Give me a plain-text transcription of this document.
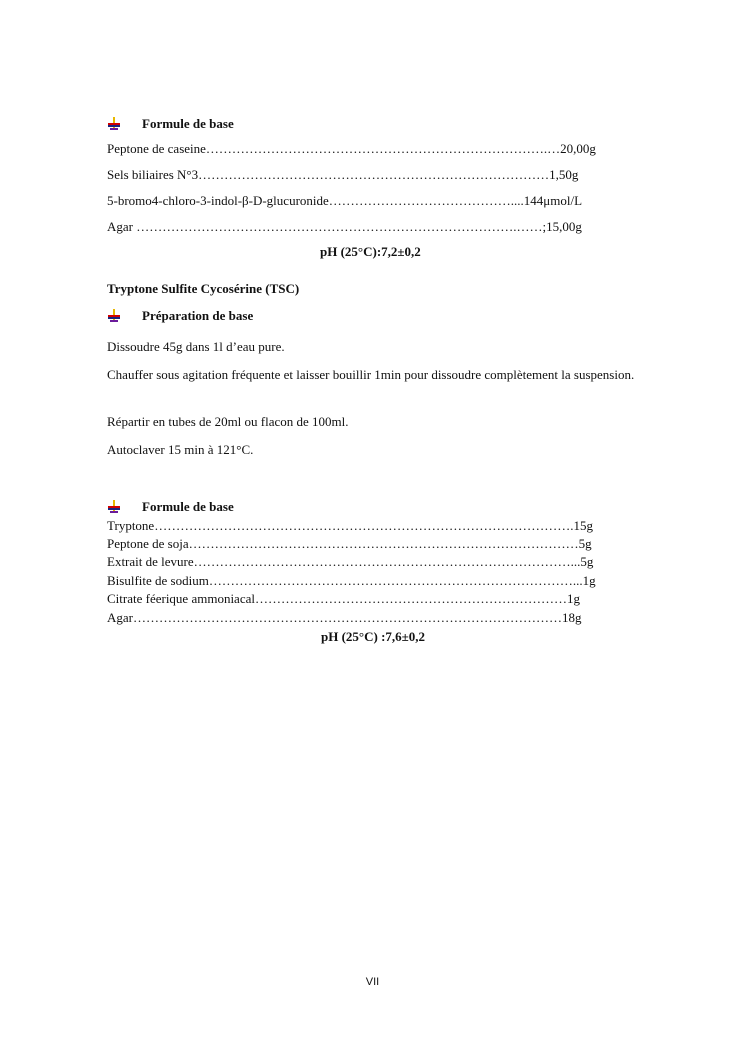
Formule de base
Peptone de caseine…………………………………………………………………….…20,00g
Sels biliaires N°3………………………………………………………………………1,50g
5-bromo4-chloro-3-indol-β-D-glucuronide……………………………………....144μmol/L
Agar …………………………………………………………………………….……;15,00g
pH (25°C):7,2±0,2
Tryptone Sulfite Cycosérine (TSC)
Préparation de base
Dissoudre 45g dans 1l d’eau pure.
Chauffer sous agitation fréquente et laisser bouillir 1min pour dissoudre complètement la suspension.
Répartir en tubes de 20ml ou flacon de 100ml.
Autoclaver 15 min à 121°C.
Formule de base
Tryptone…………………………………………………………………………………….15g
Peptone de soja………………………………………………………………………………5g
Extrait de levure……………………………………………………………………………...5g
Bisulfite de sodium…………………………………………………………………………...1g
Citrate féerique ammoniacal………………………………………………………………1g
Agar………………………………………………………………………………………18g
pH (25°C) :7,6±0,2
VII
